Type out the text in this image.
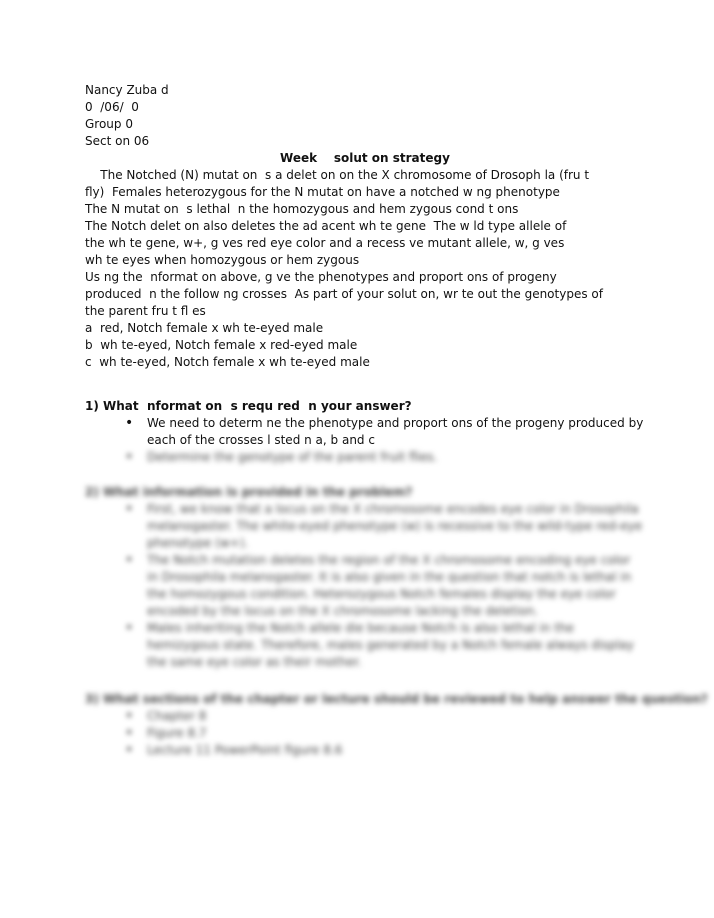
Nancy Zuba d
0  /06/  0
Group 0
Sect on 06
Week    solut on strategy
The Notched (N) mutat on  s a delet on on the X chromosome of Drosoph la (fru t
fly)  Females heterozygous for the N mutat on have a notched w ng phenotype
The N mutat on  s lethal  n the homozygous and hem zygous cond t ons
The Notch delet on also deletes the ad acent wh te gene  The w ld type allele of
the wh te gene, w+, g ves red eye color and a recess ve mutant allele, w, g ves
wh te eyes when homozygous or hem zygous
Us ng the  nformat on above, g ve the phenotypes and proport ons of progeny
produced  n the follow ng crosses  As part of your solut on, wr te out the genotypes of
the parent fru t fl es
a  red, Notch female x wh te-eyed male
b  wh te-eyed, Notch female x red-eyed male
c  wh te-eyed, Notch female x wh te-eyed male
1) What  nformat on  s requ red  n your answer?
• We need to determ ne the phenotype and proport ons of the progeny produced by each of the crosses l sted n a, b and c
• Determine the genotype of the parent fruit flies.
2) What information is provided in the problem?
• First, we know that a locus on the X chromosome encodes eye color in Drosophila melanogaster. The white-eyed phenotype (w) is recessive to the wild-type red-eye phenotype (w+).
• The Notch mutation deletes the region of the X chromosome encoding eye color in Drosophila melanogaster. It is also given in the question that notch is lethal in the homozygous condition. Heterozygous Notch females display the eye color encoded by the locus on the X chromosome lacking the deletion.
• Males inheriting the Notch allele die because Notch is also lethal in the hemizygous state. Therefore, males generated by a Notch female always display the same eye color as their mother.
3) What sections of the chapter or lecture should be reviewed to help answer the question?
• Chapter 8
• Figure 8.7
• Lecture 11 PowerPoint figure 8.6
